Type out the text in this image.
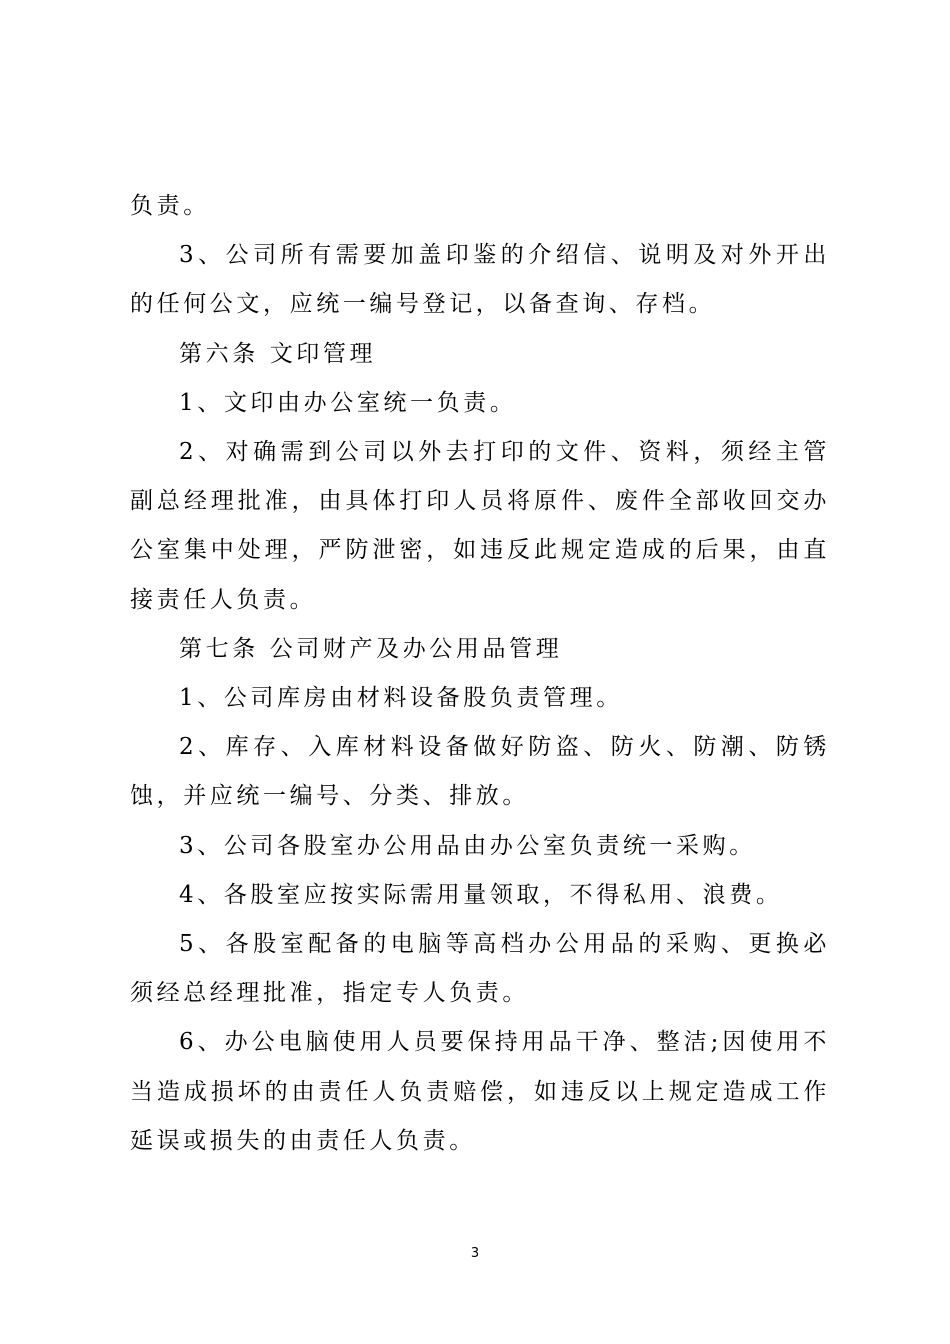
负责。

3、公司所有需要加盖印鉴的介绍信、说明及对外开出的任何公文，应统一编号登记，以备查询、存档。

第六条 文印管理

1、文印由办公室统一负责。

2、对确需到公司以外去打印的文件、资料，须经主管副总经理批准，由具体打印人员将原件、废件全部收回交办公室集中处理，严防泄密，如违反此规定造成的后果，由直接责任人负责。

第七条 公司财产及办公用品管理

1、公司库房由材料设备股负责管理。

2、库存、入库材料设备做好防盗、防火、防潮、防锈蚀，并应统一编号、分类、排放。

3、公司各股室办公用品由办公室负责统一采购。

4、各股室应按实际需用量领取，不得私用、浪费。

5、各股室配备的电脑等高档办公用品的采购、更换必须经总经理批准，指定专人负责。

6、办公电脑使用人员要保持用品干净、整洁;因使用不当造成损坏的由责任人负责赔偿，如违反以上规定造成工作延误或损失的由责任人负责。

3
